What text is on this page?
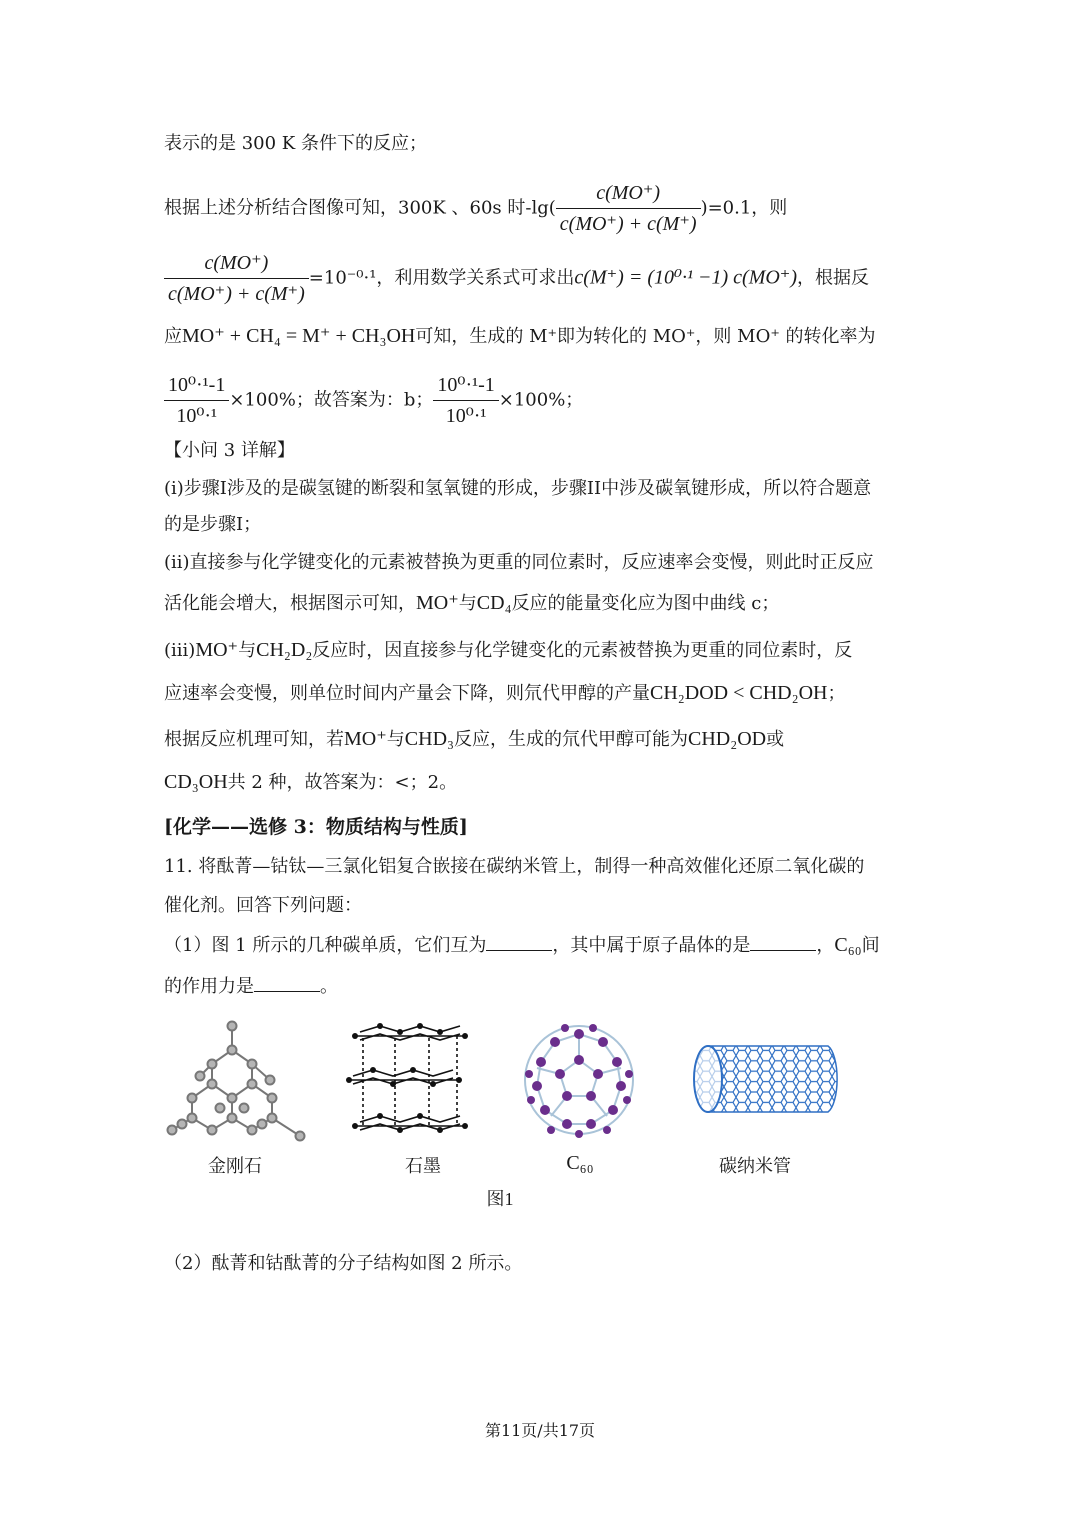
表示的是 300 K 条件下的反应；
根据上述分析结合图像可知，300K 、60s 时$-\lg( \frac{c(MO^+)}{c(MO^+) + c(M^+)} )=0.1$，则
$\frac{c(MO^+)}{c(MO^+) + c(M^+)} =10^{-0}\cdot^1$，利用数学关系式可求出c(M⁺) = (10⁰·¹ −1) c(MO⁺)，根据反
应MO⁺ + CH₄ = M⁺ + CH₃OH可知，生成的 M⁺即为转化的 MO⁺，则 MO⁺ 的转化率为
$\frac{\text{10⁰·¹-1}}{\text{10⁰·¹}} \times 100\%$；故答案为：b； $\frac{\text{10⁰·¹-1}}{\text{10⁰·¹}} \times 100\%$；
【小问 3 详解】
(i)步骤I涉及的是碳氢键的断裂和氢氧键的形成，步骤II中涉及碳氧键形成，所以符合题意
的是步骤I；
(ii)直接参与化学键变化的元素被替换为更重的同位素时，反应速率会变慢，则此时正反应
活化能会增大，根据图示可知，MO⁺与CD₄反应的能量变化应为图中曲线 c；
(iii)MO⁺与CH₂D₂反应时，因直接参与化学键变化的元素被替换为更重的同位素时，反
应速率会变慢，则单位时间内产量会下降，则氘代甲醇的产量CH₂DOD < CHD₂OH；
根据反应机理可知，若MO⁺与CHD₃反应，生成的氘代甲醇可能为CHD₂OD或
CD₃OH共 2 种，故答案为：<；2。
[化学——选修 3：物质结构与性质]
11. 将酞菁—钴钛—三氯化铝复合嵌接在碳纳米管上，制得一种高效催化还原二氧化碳的
催化剂。回答下列问题：
（1）图 1 所示的几种碳单质，它们互为	，其中属于原子晶体的是	，C₆₀间
的作用力是	。
金刚石	石墨	C₆₀	碳纳米管
图1
（2）酞菁和钴酞菁的分子结构如图 2 所示。
第11页/共17页
